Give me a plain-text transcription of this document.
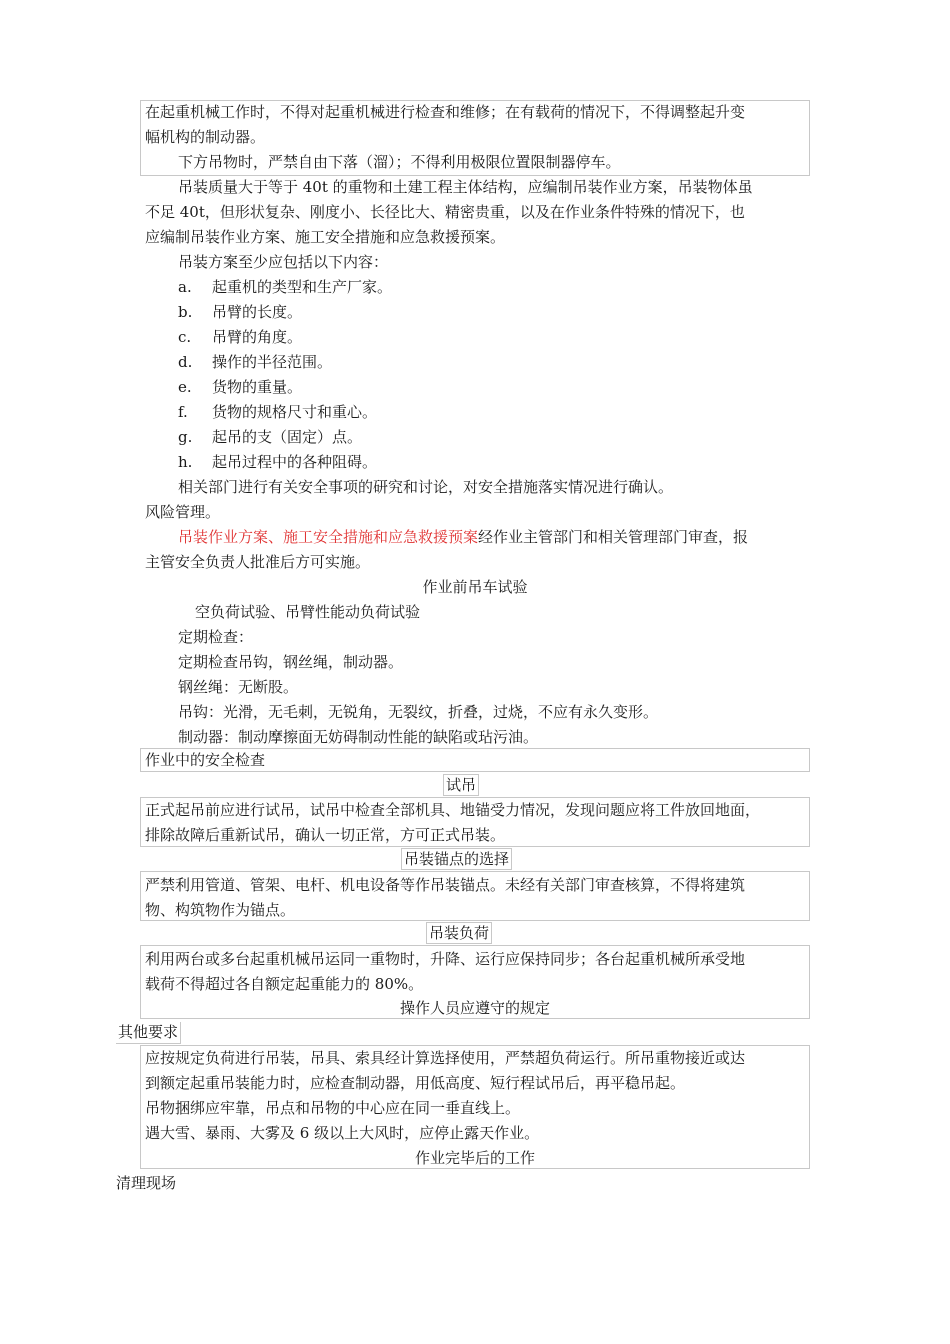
在起重机械工作时，不得对起重机械进行检查和维修；在有载荷的情况下，不得调整起升变
幅机构的制动器。
下方吊物时，严禁自由下落（溜）；不得利用极限位置限制器停车。
吊装质量大于等于 40t 的重物和土建工程主体结构，应编制吊装作业方案，吊装物体虽
不足 40t，但形状复杂、刚度小、长径比大、精密贵重，以及在作业条件特殊的情况下，也
应编制吊装作业方案、施工安全措施和应急救援预案。
吊装方案至少应包括以下内容：
a. 起重机的类型和生产厂家。
b. 吊臂的长度。
c. 吊臂的角度。
d. 操作的半径范围。
e. 货物的重量。
f. 货物的规格尺寸和重心。
g. 起吊的支（固定）点。
h. 起吊过程中的各种阻碍。
相关部门进行有关安全事项的研究和讨论，对安全措施落实情况进行确认。
风险管理。
吊装作业方案、施工安全措施和应急救援预案经作业主管部门和相关管理部门审查，报
主管安全负责人批准后方可实施。
作业前吊车试验
空负荷试验、吊臂性能动负荷试验
定期检查：
定期检查吊钩，钢丝绳，制动器。
钢丝绳：无断股。
吊钩：光滑，无毛刺，无锐角，无裂纹，折叠，过烧，不应有永久变形。
制动器：制动摩擦面无妨碍制动性能的缺陷或玷污油。
作业中的安全检查
试吊
正式起吊前应进行试吊，试吊中检查全部机具、地锚受力情况，发现问题应将工件放回地面，
排除故障后重新试吊，确认一切正常，方可正式吊装。
吊装锚点的选择
严禁利用管道、管架、电杆、机电设备等作吊装锚点。未经有关部门审查核算，不得将建筑
物、构筑物作为锚点。
吊装负荷
利用两台或多台起重机械吊运同一重物时，升降、运行应保持同步；各台起重机械所承受地
载荷不得超过各自额定起重能力的 80%。
操作人员应遵守的规定
其他要求
应按规定负荷进行吊装，吊具、索具经计算选择使用，严禁超负荷运行。所吊重物接近或达
到额定起重吊装能力时，应检查制动器，用低高度、短行程试吊后，再平稳吊起。
吊物捆绑应牢靠，吊点和吊物的中心应在同一垂直线上。
遇大雪、暴雨、大雾及 6 级以上大风时，应停止露天作业。
作业完毕后的工作
清理现场
